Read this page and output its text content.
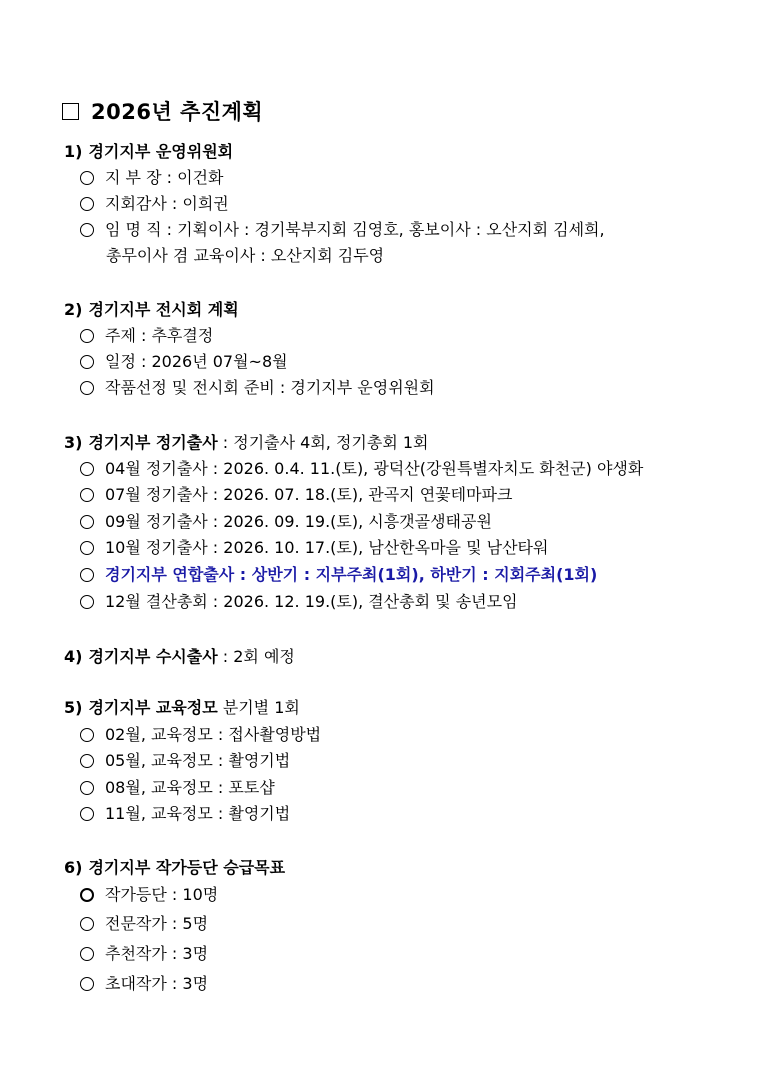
2026년 추진계획
1) 경기지부 운영위원회
지 부 장 : 이건화
지회감사 : 이희권
임 명 직 : 기획이사 : 경기북부지회 김영호, 홍보이사 : 오산지회 김세희,
총무이사 겸 교육이사 : 오산지회 김두영
2) 경기지부 전시회 계획
주제 : 추후결정
일정 : 2026년 07월~8월
작품선정 및 전시회 준비 : 경기지부 운영위원회
3) 경기지부 정기출사 : 정기출사 4회, 정기총회 1회
04월 정기출사 : 2026. 0.4. 11.(토), 광덕산(강원특별자치도 화천군) 야생화
07월 정기출사 : 2026. 07. 18.(토), 관곡지 연꽃테마파크
09월 정기출사 : 2026. 09. 19.(토), 시흥갯골생태공원
10월 정기출사 : 2026. 10. 17.(토), 남산한옥마을 및 남산타워
경기지부 연합출사 : 상반기 : 지부주최(1회), 하반기 : 지회주최(1회)
12월 결산총회 : 2026. 12. 19.(토), 결산총회 및 송년모임
4) 경기지부 수시출사 : 2회 예정
5) 경기지부 교육정모 분기별 1회
02월, 교육정모 : 접사촬영방법
05월, 교육정모 : 촬영기법
08월, 교육정모 : 포토샵
11월, 교육정모 : 촬영기법
6) 경기지부 작가등단 승급목표
작가등단 : 10명
전문작가 : 5명
추천작가 : 3명
초대작가 : 3명
